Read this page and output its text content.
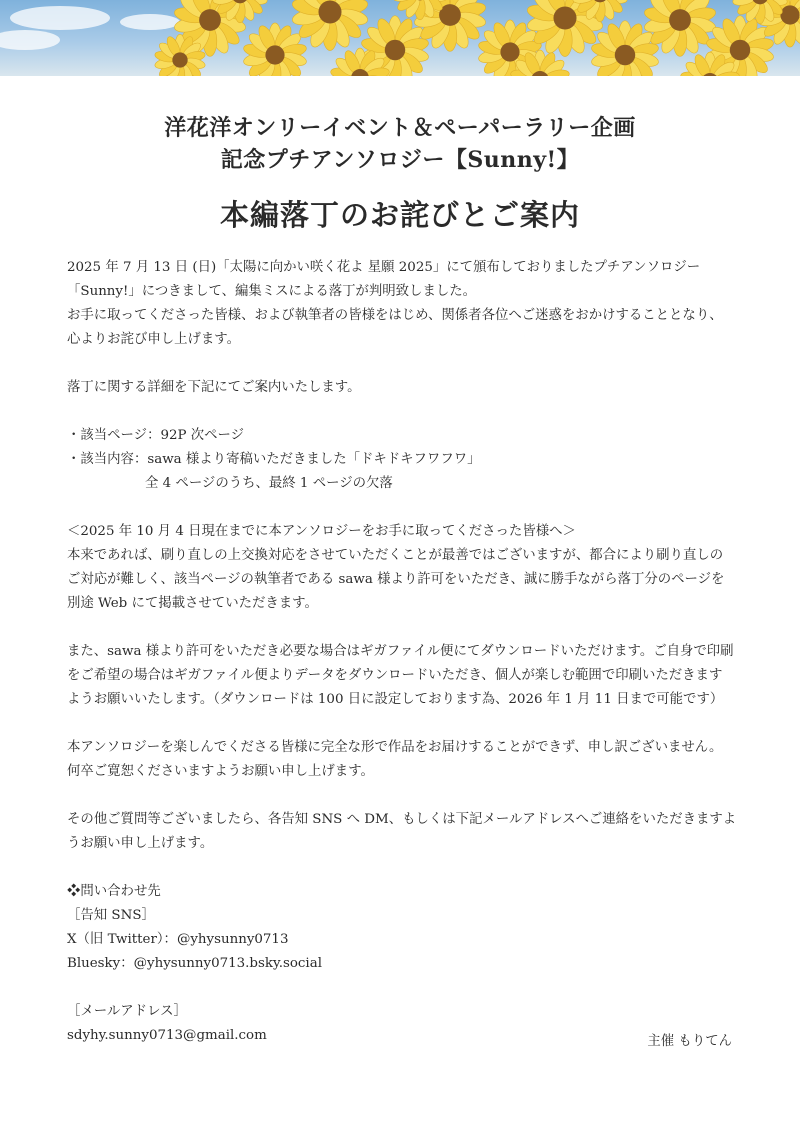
洋花洋オンリーイベント＆ペーパーラリー企画
記念プチアンソロジー【Sunny!】
本編落丁のお詫びとご案内

2025 年 7 月 13 日 (日)「太陽に向かい咲く花よ 星願 2025」にて頒布しておりましたプチアンソロジー

「Sunny!」につきまして、編集ミスによる落丁が判明致しました。

お手に取ってくださった皆様、および執筆者の皆様をはじめ、関係者各位へご迷惑をおかけすることとなり、

心よりお詫び申し上げます。

落丁に関する詳細を下記にてご案内いたします。

・該当ページ：92P 次ページ

・該当内容：sawa 様より寄稿いただきました「ドキドキフワフワ」

全 4 ページのうち、最終 1 ページの欠落

＜2025 年 10 月 4 日現在までに本アンソロジーをお手に取ってくださった皆様へ＞

本来であれば、刷り直しの上交換対応をさせていただくことが最善ではございますが、都合により刷り直しの

ご対応が難しく、該当ページの執筆者である sawa 様より許可をいただき、誠に勝手ながら落丁分のページを

別途 Web にて掲載させていただきます。

また、sawa 様より許可をいただき必要な場合はギガファイル便にてダウンロードいただけます。ご自身で印刷

をご希望の場合はギガファイル便よりデータをダウンロードいただき、個人が楽しむ範囲で印刷いただきます

ようお願いいたします。（ダウンロードは 100 日に設定しております為、2026 年 1 月 11 日まで可能です）

本アンソロジーを楽しんでくださる皆様に完全な形で作品をお届けすることができず、申し訳ございません。

何卒ご寛恕くださいますようお願い申し上げます。

その他ご質問等ございましたら、各告知 SNS へ DM、もしくは下記メールアドレスへご連絡をいただきますよ

うお願い申し上げます。

❖問い合わせ先

［告知 SNS］

X（旧 Twitter）：@yhysunny0713

Bluesky：@yhysunny0713.bsky.social

［メールアドレス］

sdyhy.sunny0713@gmail.com	主催 もりてん
